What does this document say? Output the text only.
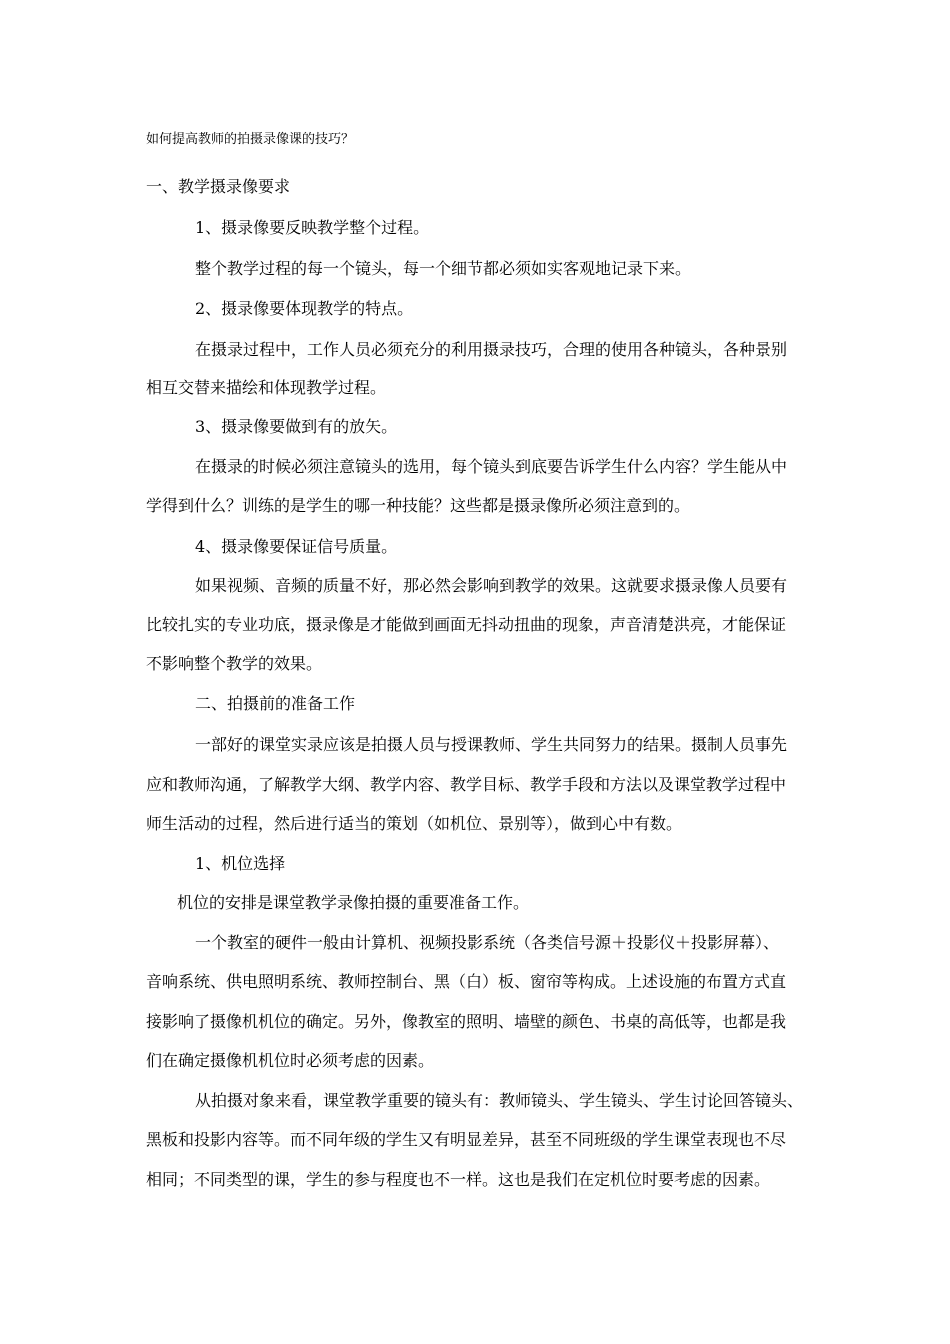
如何提高教师的拍摄录像课的技巧？
一、教学摄录像要求
1、摄录像要反映教学整个过程。
整个教学过程的每一个镜头，每一个细节都必须如实客观地记录下来。
2、摄录像要体现教学的特点。
在摄录过程中，工作人员必须充分的利用摄录技巧，合理的使用各种镜头，各种景别
相互交替来描绘和体现教学过程。
3、摄录像要做到有的放矢。
在摄录的时候必须注意镜头的选用，每个镜头到底要告诉学生什么内容？学生能从中
学得到什么？训练的是学生的哪一种技能？这些都是摄录像所必须注意到的。
4、摄录像要保证信号质量。
如果视频、音频的质量不好，那必然会影响到教学的效果。这就要求摄录像人员要有
比较扎实的专业功底，摄录像是才能做到画面无抖动扭曲的现象，声音清楚洪亮，才能保证
不影响整个教学的效果。
二、拍摄前的准备工作
一部好的课堂实录应该是拍摄人员与授课教师、学生共同努力的结果。摄制人员事先
应和教师沟通，了解教学大纲、教学内容、教学目标、教学手段和方法以及课堂教学过程中
师生活动的过程，然后进行适当的策划（如机位、景别等），做到心中有数。
1、机位选择
机位的安排是课堂教学录像拍摄的重要准备工作。
一个教室的硬件一般由计算机、视频投影系统（各类信号源＋投影仪＋投影屏幕）、
音响系统、供电照明系统、教师控制台、黑（白）板、窗帘等构成。上述设施的布置方式直
接影响了摄像机机位的确定。另外，像教室的照明、墙壁的颜色、书桌的高低等，也都是我
们在确定摄像机机位时必须考虑的因素。
从拍摄对象来看，课堂教学重要的镜头有：教师镜头、学生镜头、学生讨论回答镜头、
黑板和投影内容等。而不同年级的学生又有明显差异，甚至不同班级的学生课堂表现也不尽
相同；不同类型的课，学生的参与程度也不一样。这也是我们在定机位时要考虑的因素。
